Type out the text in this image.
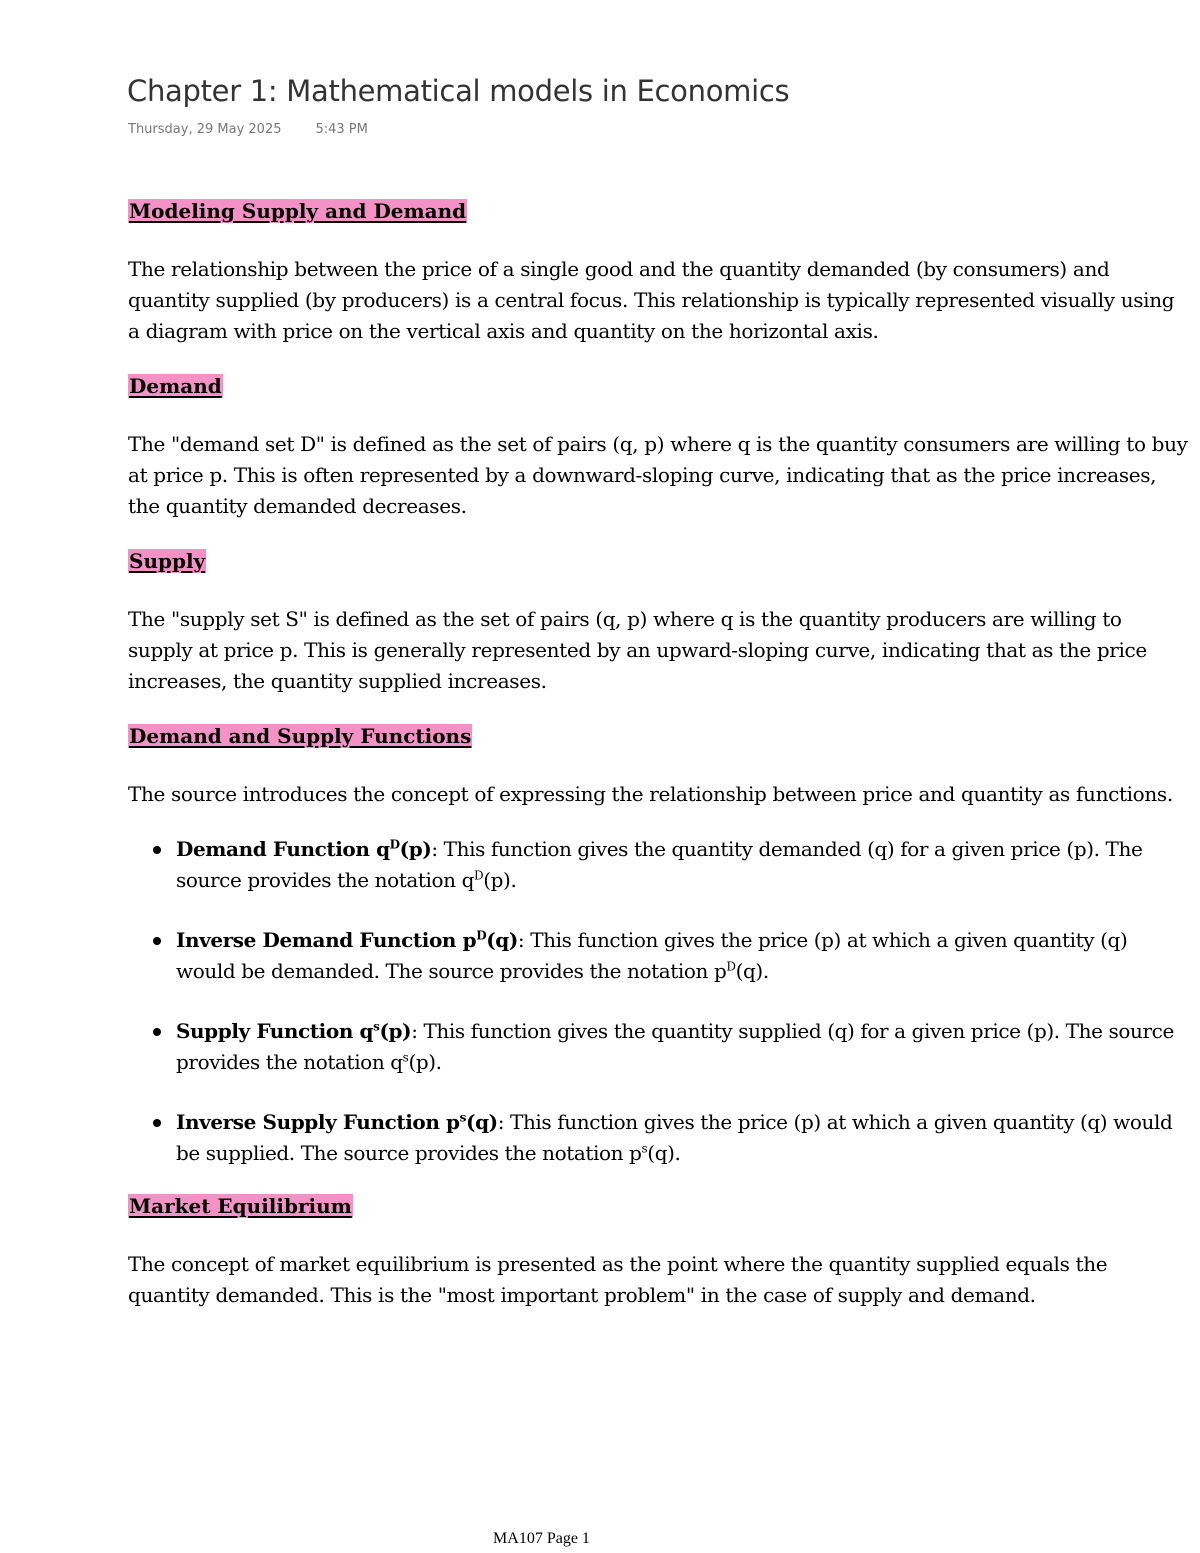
Chapter 1: Mathematical models in Economics
Thursday, 29 May 2025	5:43 PM

Modeling Supply and Demand

The relationship between the price of a single good and the quantity demanded (by consumers) and quantity supplied (by producers) is a central focus. This relationship is typically represented visually using a diagram with price on the vertical axis and quantity on the horizontal axis.

Demand

The "demand set D" is defined as the set of pairs (q, p) where q is the quantity consumers are willing to buy at price p. This is often represented by a downward-sloping curve, indicating that as the price increases, the quantity demanded decreases.

Supply

The "supply set S" is defined as the set of pairs (q, p) where q is the quantity producers are willing to supply at price p. This is generally represented by an upward-sloping curve, indicating that as the price increases, the quantity supplied increases.

Demand and Supply Functions

The source introduces the concept of expressing the relationship between price and quantity as functions.

Demand Function $q^D(p)$: This function gives the quantity demanded (q) for a given price (p). The source provides the notation $q^D(p)$.
Inverse Demand Function $p^D(q)$: This function gives the price (p) at which a given quantity (q) would be demanded. The source provides the notation $p^D(q)$.
Supply Function $q^s(p)$: This function gives the quantity supplied (q) for a given price (p). The source provides the notation $q^s(p)$.
Inverse Supply Function $p^s(q)$: This function gives the price (p) at which a given quantity (q) would be supplied. The source provides the notation $p^s(q)$.

Market Equilibrium

The concept of market equilibrium is presented as the point where the quantity supplied equals the quantity demanded. This is the "most important problem" in the case of supply and demand.

MA107 Page 1
